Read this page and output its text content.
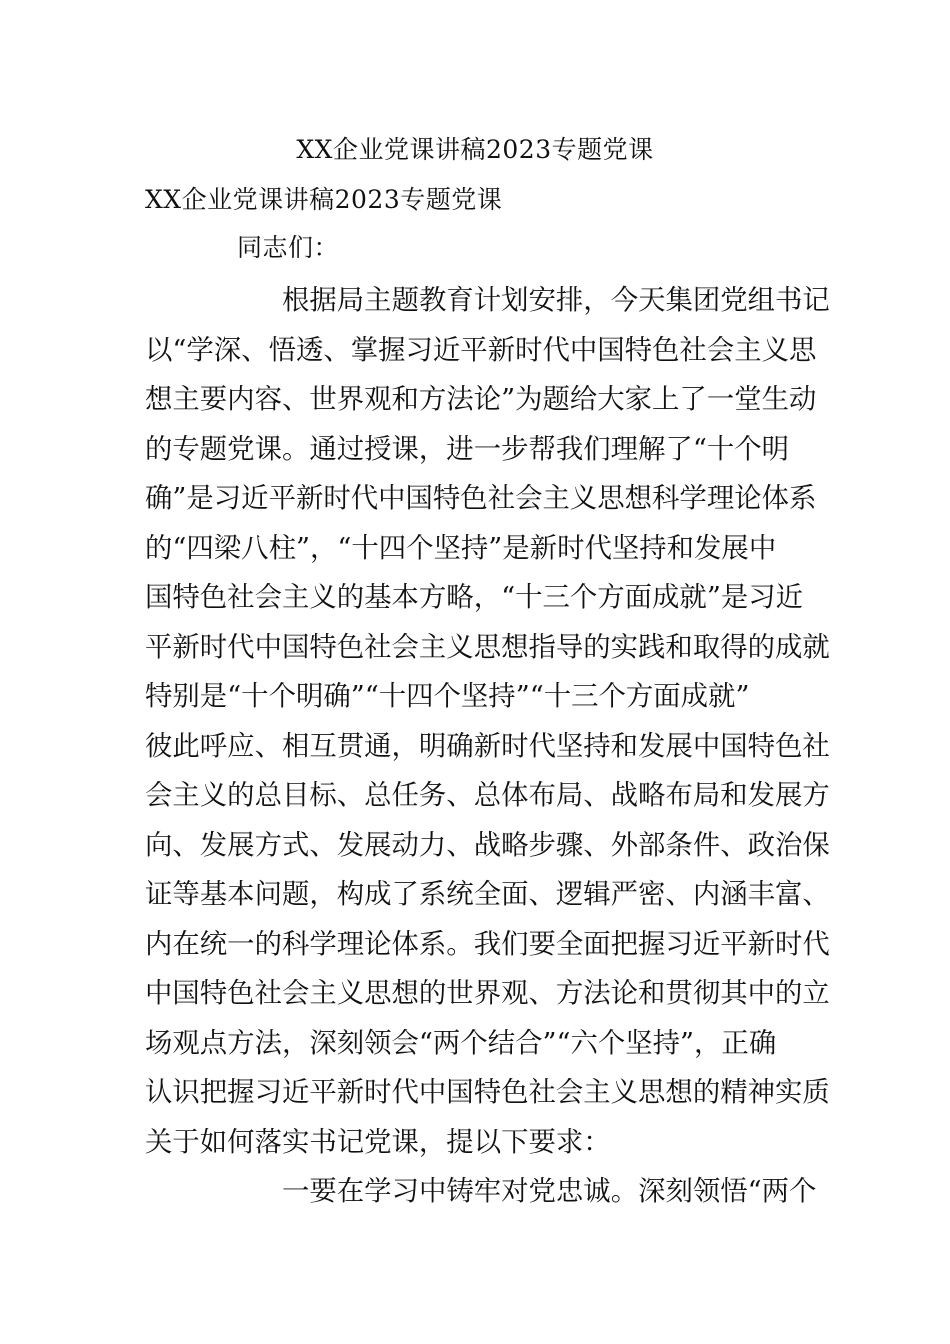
XX企业党课讲稿2023专题党课
XX企业党课讲稿2023专题党课
同志们：
根据局主题教育计划安排，今天集团党组书记
以“学深、悟透、掌握习近平新时代中国特色社会主义思
想主要内容、世界观和方法论”为题给大家上了一堂生动
的专题党课。通过授课，进一步帮我们理解了“十个明
确”是习近平新时代中国特色社会主义思想科学理论体系
的“四梁八柱”，“十四个坚持”是新时代坚持和发展中
国特色社会主义的基本方略，“十三个方面成就”是习近
平新时代中国特色社会主义思想指导的实践和取得的成就
特别是“十个明确”“十四个坚持”“十三个方面成就”
彼此呼应、相互贯通，明确新时代坚持和发展中国特色社
会主义的总目标、总任务、总体布局、战略布局和发展方
向、发展方式、发展动力、战略步骤、外部条件、政治保
证等基本问题，构成了系统全面、逻辑严密、内涵丰富、
内在统一的科学理论体系。我们要全面把握习近平新时代
中国特色社会主义思想的世界观、方法论和贯彻其中的立
场观点方法，深刻领会“两个结合”“六个坚持”，正确
认识把握习近平新时代中国特色社会主义思想的精神实质
关于如何落实书记党课，提以下要求：
一要在学习中铸牢对党忠诚。深刻领悟“两个
